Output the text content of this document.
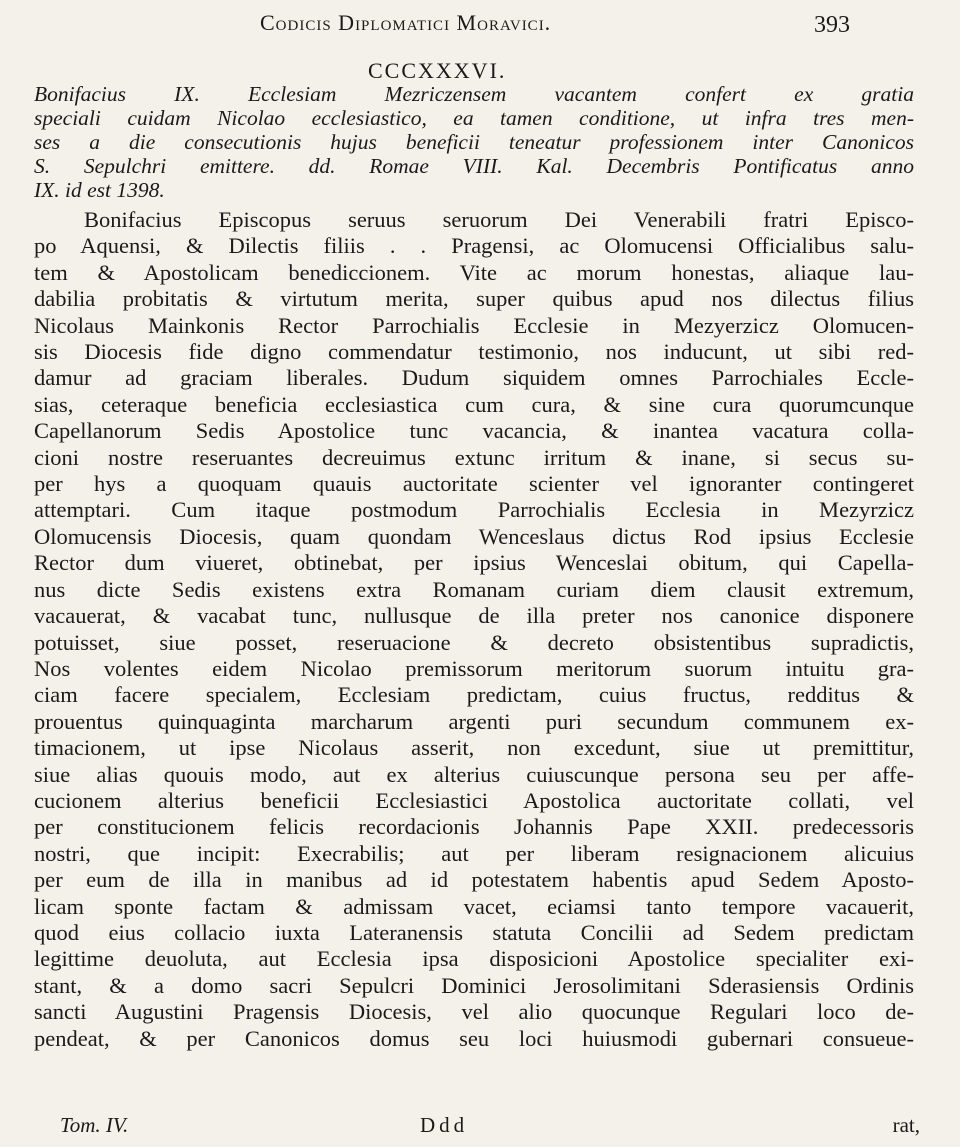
Codicis Diplomatici Moravici.	393
CCCXXXVI.
Bonifacius IX. Ecclesiam Mezriczensem vacantem confert ex gratia
speciali cuidam Nicolao ecclesiastico, ea tamen conditione, ut infra tres men-
ses a die consecutionis hujus beneficii teneatur professionem inter Canonicos
S. Sepulchri emittere. dd. Romae VIII. Kal. Decembris Pontificatus anno
IX. id est 1398.
Bonifacius Episcopus seruus seruorum Dei Venerabili fratri Episco-
po Aquensi, & Dilectis filiis . . Pragensi, ac Olomucensi Officialibus salu-
tem & Apostolicam benediccionem. Vite ac morum honestas, aliaque lau-
dabilia probitatis & virtutum merita, super quibus apud nos dilectus filius
Nicolaus Mainkonis Rector Parrochialis Ecclesie in Mezyerzicz Olomucen-
sis Diocesis fide digno commendatur testimonio, nos inducunt, ut sibi red-
damur ad graciam liberales. Dudum siquidem omnes Parrochiales Eccle-
sias, ceteraque beneficia ecclesiastica cum cura, & sine cura quorumcunque
Capellanorum Sedis Apostolice tunc vacancia, & inantea vacatura colla-
cioni nostre reseruantes decreuimus extunc irritum & inane, si secus su-
per hys a quoquam quauis auctoritate scienter vel ignoranter contingeret
attemptari. Cum itaque postmodum Parrochialis Ecclesia in Mezyrzicz
Olomucensis Diocesis, quam quondam Wenceslaus dictus Rod ipsius Ecclesie
Rector dum viueret, obtinebat, per ipsius Wenceslai obitum, qui Capella-
nus dicte Sedis existens extra Romanam curiam diem clausit extremum,
vacauerat, & vacabat tunc, nullusque de illa preter nos canonice disponere
potuisset, siue posset, reseruacione & decreto obsistentibus supradictis,
Nos volentes eidem Nicolao premissorum meritorum suorum intuitu gra-
ciam facere specialem, Ecclesiam predictam, cuius fructus, redditus &
prouentus quinquaginta marcharum argenti puri secundum communem ex-
timacionem, ut ipse Nicolaus asserit, non excedunt, siue ut premittitur,
siue alias quouis modo, aut ex alterius cuiuscunque persona seu per affe-
cucionem alterius beneficii Ecclesiastici Apostolica auctoritate collati, vel
per constitucionem felicis recordacionis Johannis Pape XXII. predecessoris
nostri, que incipit: Execrabilis; aut per liberam resignacionem alicuius
per eum de illa in manibus ad id potestatem habentis apud Sedem Aposto-
licam sponte factam & admissam vacet, eciamsi tanto tempore vacauerit,
quod eius collacio iuxta Lateranensis statuta Concilii ad Sedem predictam
legittime deuoluta, aut Ecclesia ipsa disposicioni Apostolice specialiter exi-
stant, & a domo sacri Sepulcri Dominici Jerosolimitani Sderasiensis Ordinis
sancti Augustini Pragensis Diocesis, vel alio quocunque Regulari loco de-
pendeat, & per Canonicos domus seu loci huiusmodi gubernari consueue-
Tom. IV.	Ddd	rat,
